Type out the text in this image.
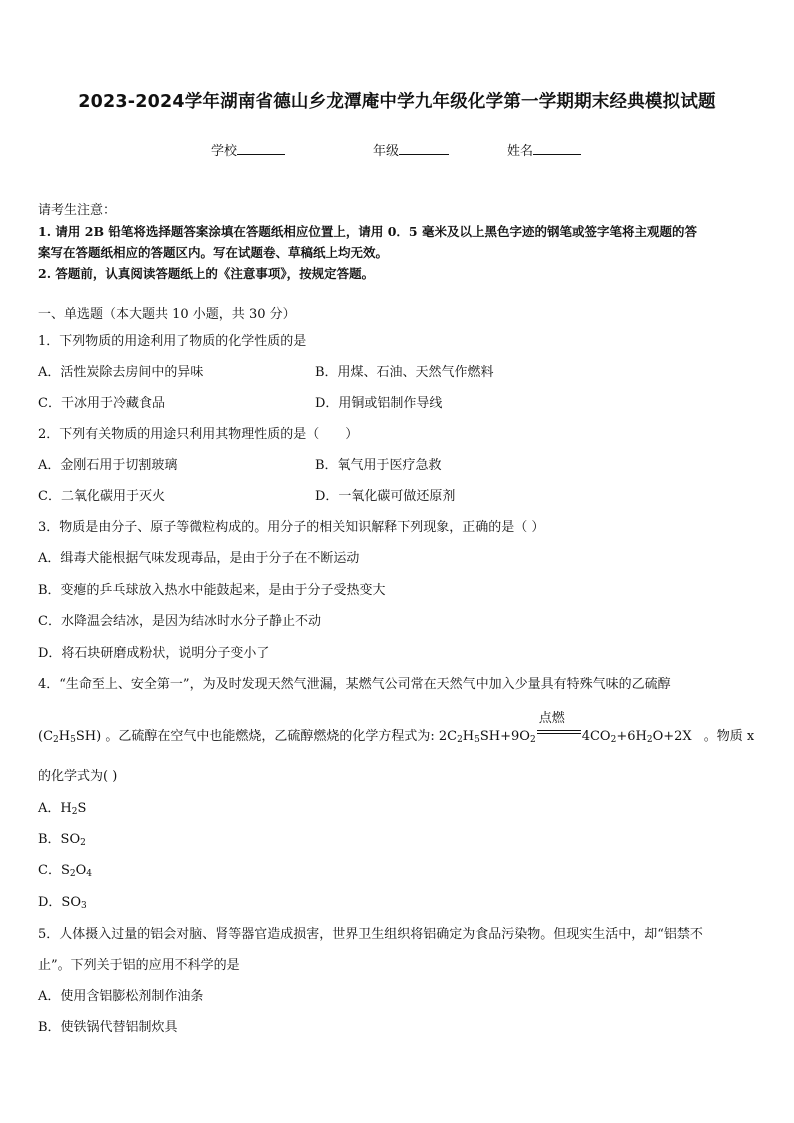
2023-2024学年湖南省德山乡龙潭庵中学九年级化学第一学期期末经典模拟试题
学校	年级	姓名
请考生注意：
1. 请用 2B 铅笔将选择题答案涂填在答题纸相应位置上，请用 0．5 毫米及以上黑色字迹的钢笔或签字笔将主观题的答
案写在答题纸相应的答题区内。写在试题卷、草稿纸上均无效。
2. 答题前，认真阅读答题纸上的《注意事项》，按规定答题。
一、单选题（本大题共 10 小题，共 30 分）
1．下列物质的用途利用了物质的化学性质的是
A．活性炭除去房间中的异味	B．用煤、石油、天然气作燃料
C．干冰用于冷藏食品	D．用铜或铝制作导线
2．下列有关物质的用途只利用其物理性质的是（　　）
A．金刚石用于切割玻璃	B．氧气用于医疗急救
C．二氧化碳用于灭火	D．一氧化碳可做还原剂
3．物质是由分子、原子等微粒构成的。用分子的相关知识解释下列现象，正确的是（ ）
A．缉毒犬能根据气味发现毒品，是由于分子在不断运动
B．变瘪的乒乓球放入热水中能鼓起来，是由于分子受热变大
C．水降温会结冰，是因为结冰时水分子静止不动
D．将石块研磨成粉状，说明分子变小了
4．“生命至上、安全第一”，为及时发现天然气泄漏，某燃气公司常在天然气中加入少量具有特殊气味的乙硫醇
$(C_2H_5SH)$ 。乙硫醇在空气中也能燃烧，乙硫醇燃烧的化学方程式为: $2C_2H_5SH+9O_2$
点燃
$4CO_2+6H_2O+2X$ 。物质 x
的化学式为( )
A．$H_2S$
B．$SO_2$
C．$S_2O_4$
D．$SO_3$
5．人体摄入过量的铝会对脑、肾等器官造成损害，世界卫生组织将铝确定为食品污染物。但现实生活中，却“铝禁不
止”。下列关于铝的应用不科学的是
A．使用含铝膨松剂制作油条
B．使铁锅代替铝制炊具
